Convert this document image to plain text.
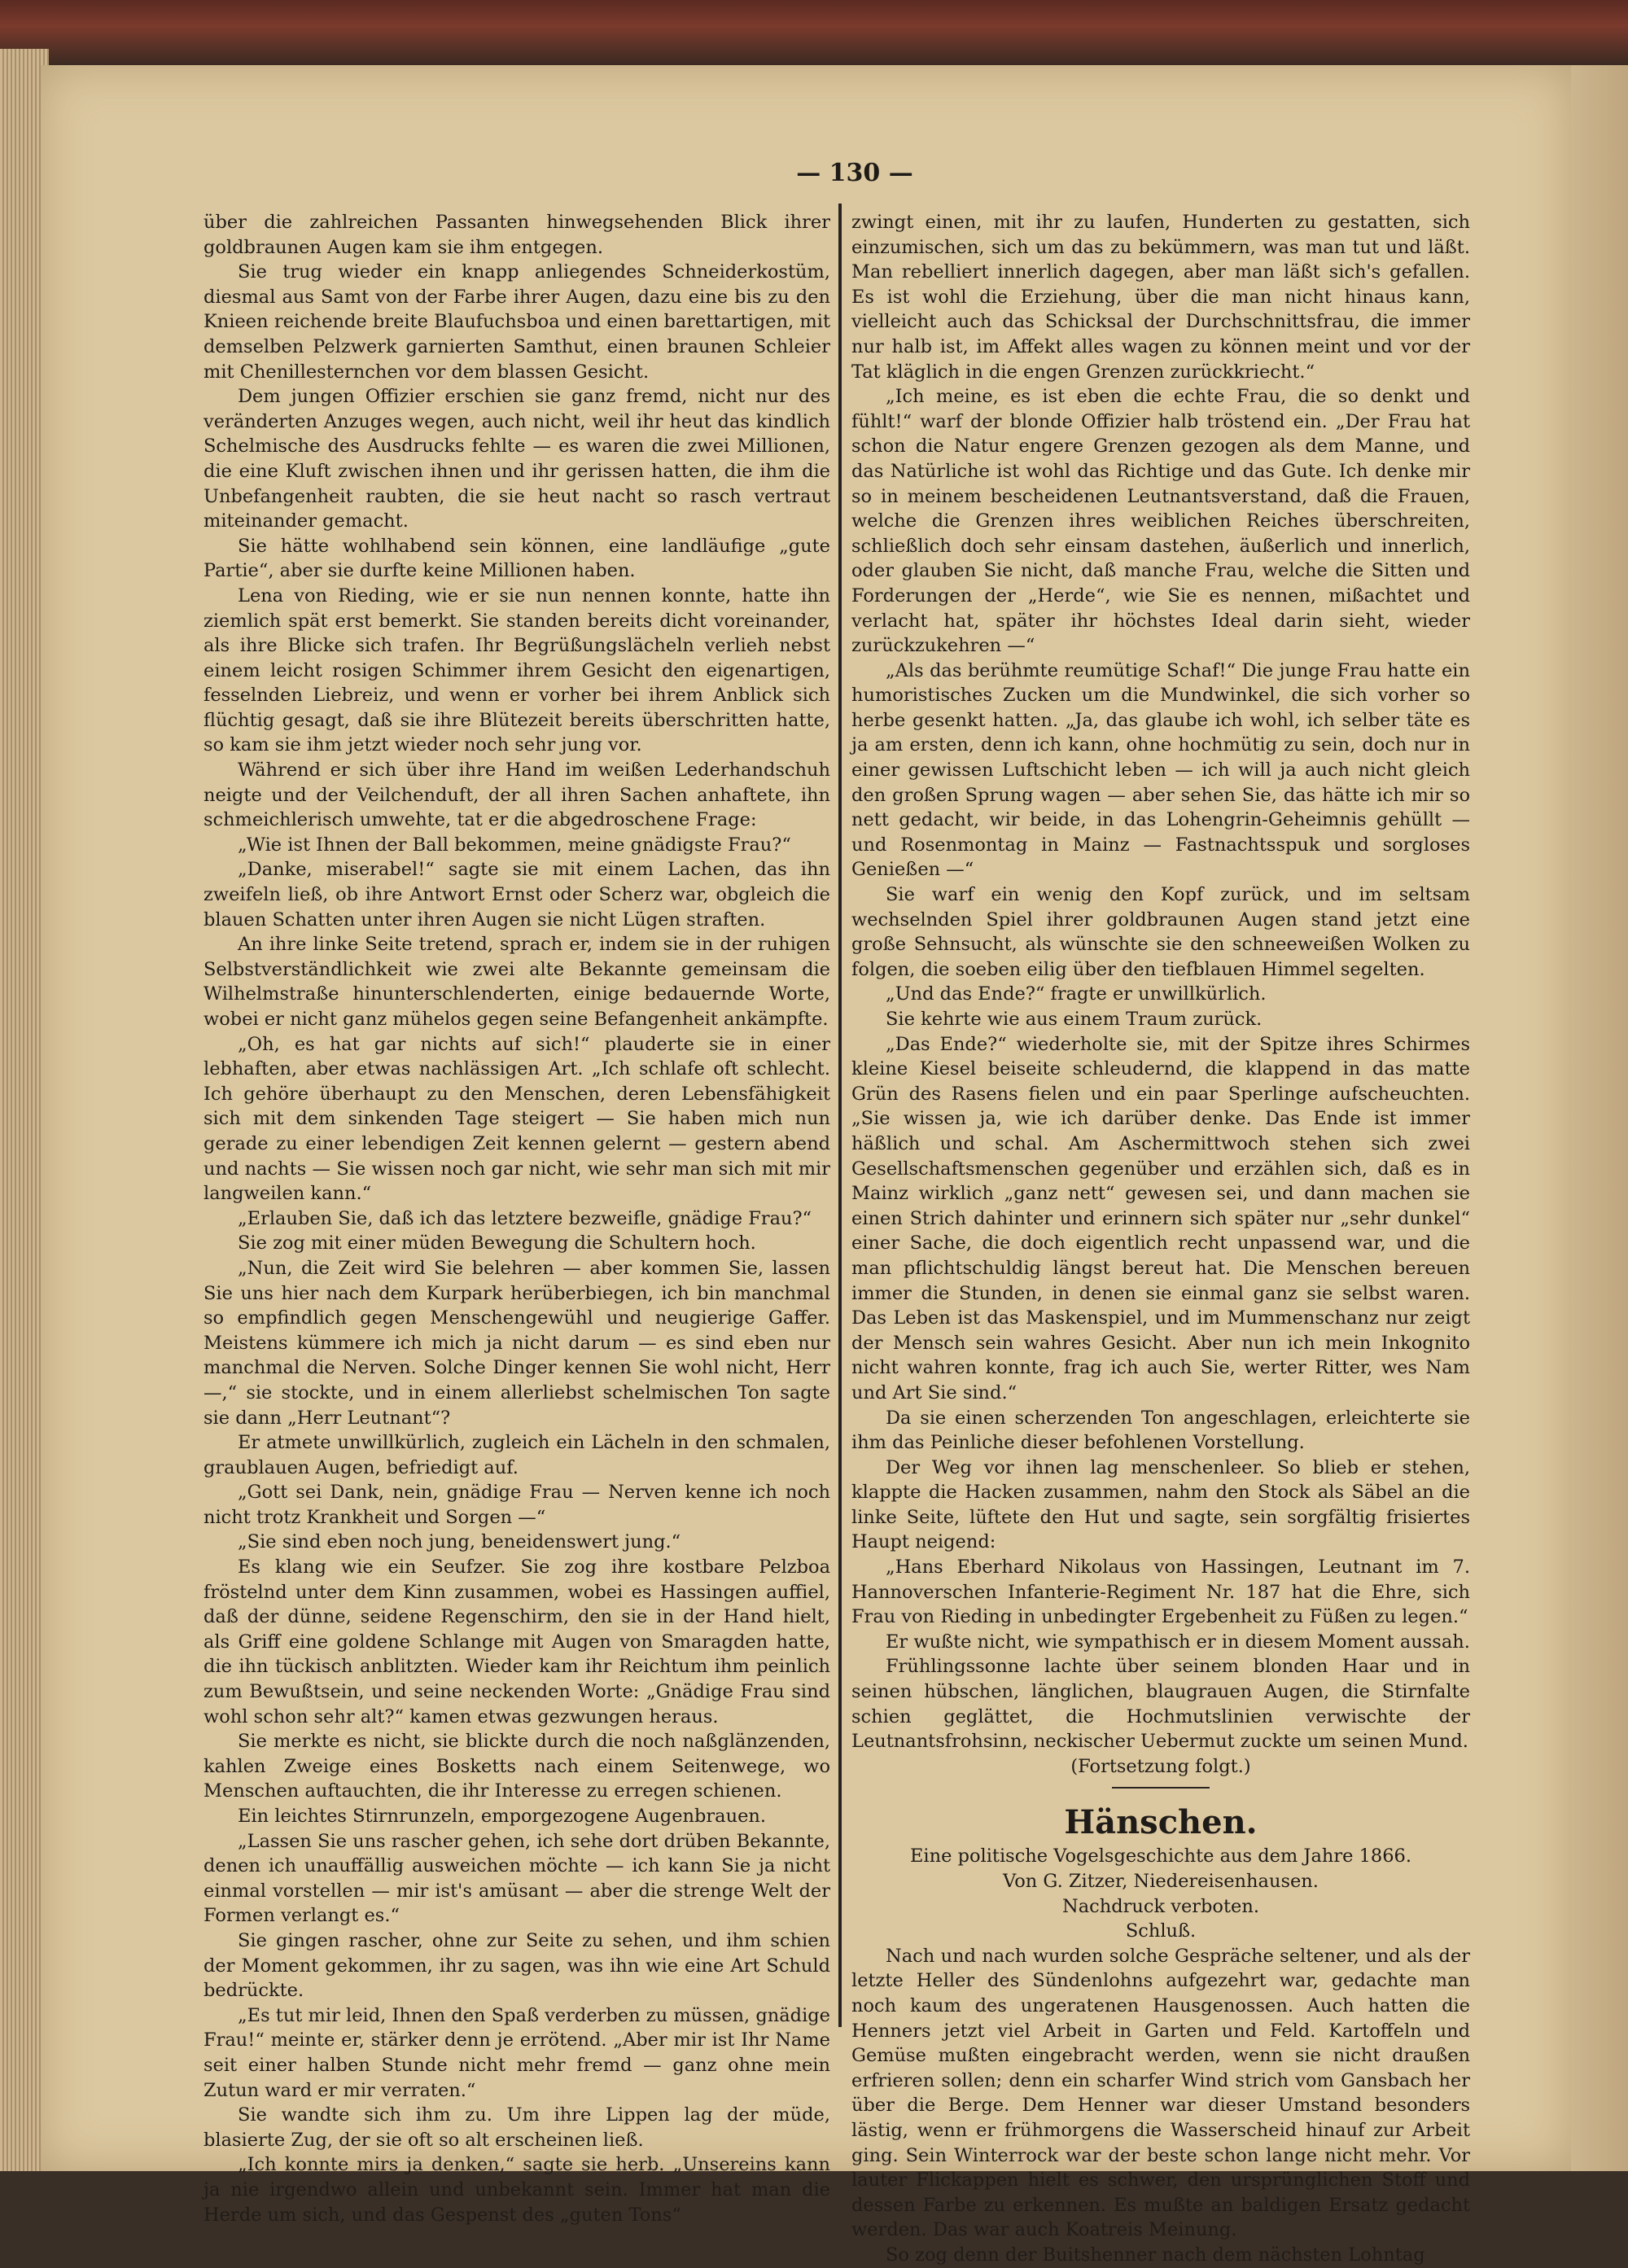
— 130 —

über die zahlreichen Passanten hinwegsehenden Blick ihrer goldbraunen Augen kam sie ihm entgegen.

Sie trug wieder ein knapp anliegendes Schneiderkostüm, diesmal aus Samt von der Farbe ihrer Augen, dazu eine bis zu den Knieen reichende breite Blaufuchsboa und einen barettartigen, mit demselben Pelzwerk garnierten Samthut, einen braunen Schleier mit Chenillesternchen vor dem blassen Gesicht.

Dem jungen Offizier erschien sie ganz fremd, nicht nur des veränderten Anzuges wegen, auch nicht, weil ihr heut das kindlich Schelmische des Ausdrucks fehlte — es waren die zwei Millionen, die eine Kluft zwischen ihnen und ihr gerissen hatten, die ihm die Unbefangenheit raubten, die sie heut nacht so rasch vertraut miteinander gemacht.

Sie hätte wohlhabend sein können, eine landläufige „gute Partie“, aber sie durfte keine Millionen haben.

Lena von Rieding, wie er sie nun nennen konnte, hatte ihn ziemlich spät erst bemerkt. Sie standen bereits dicht voreinander, als ihre Blicke sich trafen. Ihr Begrüßungslächeln verlieh nebst einem leicht rosigen Schimmer ihrem Gesicht den eigenartigen, fesselnden Liebreiz, und wenn er vorher bei ihrem Anblick sich flüchtig gesagt, daß sie ihre Blütezeit bereits überschritten hatte, so kam sie ihm jetzt wieder noch sehr jung vor.

Während er sich über ihre Hand im weißen Lederhandschuh neigte und der Veilchenduft, der all ihren Sachen anhaftete, ihn schmeichlerisch umwehte, tat er die abgedroschene Frage:

„Wie ist Ihnen der Ball bekommen, meine gnädigste Frau?“

„Danke, miserabel!“ sagte sie mit einem Lachen, das ihn zweifeln ließ, ob ihre Antwort Ernst oder Scherz war, obgleich die blauen Schatten unter ihren Augen sie nicht Lügen straften.

An ihre linke Seite tretend, sprach er, indem sie in der ruhigen Selbstverständlichkeit wie zwei alte Bekannte gemeinsam die Wilhelmstraße hinunterschlenderten, einige bedauernde Worte, wobei er nicht ganz mühelos gegen seine Befangenheit ankämpfte.

„Oh, es hat gar nichts auf sich!“ plauderte sie in einer lebhaften, aber etwas nachlässigen Art. „Ich schlafe oft schlecht. Ich gehöre überhaupt zu den Menschen, deren Lebensfähigkeit sich mit dem sinkenden Tage steigert — Sie haben mich nun gerade zu einer lebendigen Zeit kennen gelernt — gestern abend und nachts — Sie wissen noch gar nicht, wie sehr man sich mit mir langweilen kann.“

„Erlauben Sie, daß ich das letztere bezweifle, gnädige Frau?“

Sie zog mit einer müden Bewegung die Schultern hoch.

„Nun, die Zeit wird Sie belehren — aber kommen Sie, lassen Sie uns hier nach dem Kurpark herüberbiegen, ich bin manchmal so empfindlich gegen Menschengewühl und neugierige Gaffer. Meistens kümmere ich mich ja nicht darum — es sind eben nur manchmal die Nerven. Solche Dinger kennen Sie wohl nicht, Herr —,“ sie stockte, und in einem allerliebst schelmischen Ton sagte sie dann „Herr Leutnant“?

Er atmete unwillkürlich, zugleich ein Lächeln in den schmalen, graublauen Augen, befriedigt auf.

„Gott sei Dank, nein, gnädige Frau — Nerven kenne ich noch nicht trotz Krankheit und Sorgen —“

„Sie sind eben noch jung, beneidenswert jung.“

Es klang wie ein Seufzer. Sie zog ihre kostbare Pelzboa fröstelnd unter dem Kinn zusammen, wobei es Hassingen auffiel, daß der dünne, seidene Regenschirm, den sie in der Hand hielt, als Griff eine goldene Schlange mit Augen von Smaragden hatte, die ihn tückisch anblitzten. Wieder kam ihr Reichtum ihm peinlich zum Bewußtsein, und seine neckenden Worte: „Gnädige Frau sind wohl schon sehr alt?“ kamen etwas gezwungen heraus.

Sie merkte es nicht, sie blickte durch die noch naßglänzenden, kahlen Zweige eines Bosketts nach einem Seitenwege, wo Menschen auftauchten, die ihr Interesse zu erregen schienen.

Ein leichtes Stirnrunzeln, emporgezogene Augenbrauen.

„Lassen Sie uns rascher gehen, ich sehe dort drüben Bekannte, denen ich unauffällig ausweichen möchte — ich kann Sie ja nicht einmal vorstellen — mir ist's amüsant — aber die strenge Welt der Formen verlangt es.“

Sie gingen rascher, ohne zur Seite zu sehen, und ihm schien der Moment gekommen, ihr zu sagen, was ihn wie eine Art Schuld bedrückte.

„Es tut mir leid, Ihnen den Spaß verderben zu müssen, gnädige Frau!“ meinte er, stärker denn je errötend. „Aber mir ist Ihr Name seit einer halben Stunde nicht mehr fremd — ganz ohne mein Zutun ward er mir verraten.“

Sie wandte sich ihm zu. Um ihre Lippen lag der müde, blasierte Zug, der sie oft so alt erscheinen ließ.

„Ich konnte mirs ja denken,“ sagte sie herb. „Unsereins kann ja nie irgendwo allein und unbekannt sein. Immer hat man die Herde um sich, und das Gespenst des „guten Tons“

zwingt einen, mit ihr zu laufen, Hunderten zu gestatten, sich einzumischen, sich um das zu bekümmern, was man tut und läßt. Man rebelliert innerlich dagegen, aber man läßt sich's gefallen. Es ist wohl die Erziehung, über die man nicht hinaus kann, vielleicht auch das Schicksal der Durchschnittsfrau, die immer nur halb ist, im Affekt alles wagen zu können meint und vor der Tat kläglich in die engen Grenzen zurückkriecht.“

„Ich meine, es ist eben die echte Frau, die so denkt und fühlt!“ warf der blonde Offizier halb tröstend ein. „Der Frau hat schon die Natur engere Grenzen gezogen als dem Manne, und das Natürliche ist wohl das Richtige und das Gute. Ich denke mir so in meinem bescheidenen Leutnantsverstand, daß die Frauen, welche die Grenzen ihres weiblichen Reiches überschreiten, schließlich doch sehr einsam dastehen, äußerlich und innerlich, oder glauben Sie nicht, daß manche Frau, welche die Sitten und Forderungen der „Herde“, wie Sie es nennen, mißachtet und verlacht hat, später ihr höchstes Ideal darin sieht, wieder zurückzukehren —“

„Als das berühmte reumütige Schaf!“ Die junge Frau hatte ein humoristisches Zucken um die Mundwinkel, die sich vorher so herbe gesenkt hatten. „Ja, das glaube ich wohl, ich selber täte es ja am ersten, denn ich kann, ohne hochmütig zu sein, doch nur in einer gewissen Luftschicht leben — ich will ja auch nicht gleich den großen Sprung wagen — aber sehen Sie, das hätte ich mir so nett gedacht, wir beide, in das Lohengrin-Geheimnis gehüllt — und Rosenmontag in Mainz — Fastnachtsspuk und sorgloses Genießen —“

Sie warf ein wenig den Kopf zurück, und im seltsam wechselnden Spiel ihrer goldbraunen Augen stand jetzt eine große Sehnsucht, als wünschte sie den schneeweißen Wolken zu folgen, die soeben eilig über den tiefblauen Himmel segelten.

„Und das Ende?“ fragte er unwillkürlich.

Sie kehrte wie aus einem Traum zurück.

„Das Ende?“ wiederholte sie, mit der Spitze ihres Schirmes kleine Kiesel beiseite schleudernd, die klappend in das matte Grün des Rasens fielen und ein paar Sperlinge aufscheuchten. „Sie wissen ja, wie ich darüber denke. Das Ende ist immer häßlich und schal. Am Aschermittwoch stehen sich zwei Gesellschaftsmenschen gegenüber und erzählen sich, daß es in Mainz wirklich „ganz nett“ gewesen sei, und dann machen sie einen Strich dahinter und erinnern sich später nur „sehr dunkel“ einer Sache, die doch eigentlich recht unpassend war, und die man pflichtschuldig längst bereut hat. Die Menschen bereuen immer die Stunden, in denen sie einmal ganz sie selbst waren. Das Leben ist das Maskenspiel, und im Mummenschanz nur zeigt der Mensch sein wahres Gesicht. Aber nun ich mein Inkognito nicht wahren konnte, frag ich auch Sie, werter Ritter, wes Nam und Art Sie sind.“

Da sie einen scherzenden Ton angeschlagen, erleichterte sie ihm das Peinliche dieser befohlenen Vorstellung.

Der Weg vor ihnen lag menschenleer. So blieb er stehen, klappte die Hacken zusammen, nahm den Stock als Säbel an die linke Seite, lüftete den Hut und sagte, sein sorgfältig frisiertes Haupt neigend:

„Hans Eberhard Nikolaus von Hassingen, Leutnant im 7. Hannoverschen Infanterie-Regiment Nr. 187 hat die Ehre, sich Frau von Rieding in unbedingter Ergebenheit zu Füßen zu legen.“

Er wußte nicht, wie sympathisch er in diesem Moment aussah.

Frühlingssonne lachte über seinem blonden Haar und in seinen hübschen, länglichen, blaugrauen Augen, die Stirnfalte schien geglättet, die Hochmutslinien verwischte der Leutnantsfrohsinn, neckischer Uebermut zuckte um seinen Mund.

(Fortsetzung folgt.)

Hänschen.

Eine politische Vogelsgeschichte aus dem Jahre 1866.

Von G. Zitzer, Niedereisenhausen.

Nachdruck verboten.

Schluß.

Nach und nach wurden solche Gespräche seltener, und als der letzte Heller des Sündenlohns aufgezehrt war, gedachte man noch kaum des ungeratenen Hausgenossen. Auch hatten die Henners jetzt viel Arbeit in Garten und Feld. Kartoffeln und Gemüse mußten eingebracht werden, wenn sie nicht draußen erfrieren sollen; denn ein scharfer Wind strich vom Gansbach her über die Berge. Dem Henner war dieser Umstand besonders lästig, wenn er frühmorgens die Wasserscheid hinauf zur Arbeit ging. Sein Winterrock war der beste schon lange nicht mehr. Vor lauter Flickappen hielt es schwer, den ursprünglichen Stoff und dessen Farbe zu erkennen. Es mußte an baldigen Ersatz gedacht werden. Das war auch Koatreis Meinung.

So zog denn der Buitshenner nach dem nächsten Lohntag
